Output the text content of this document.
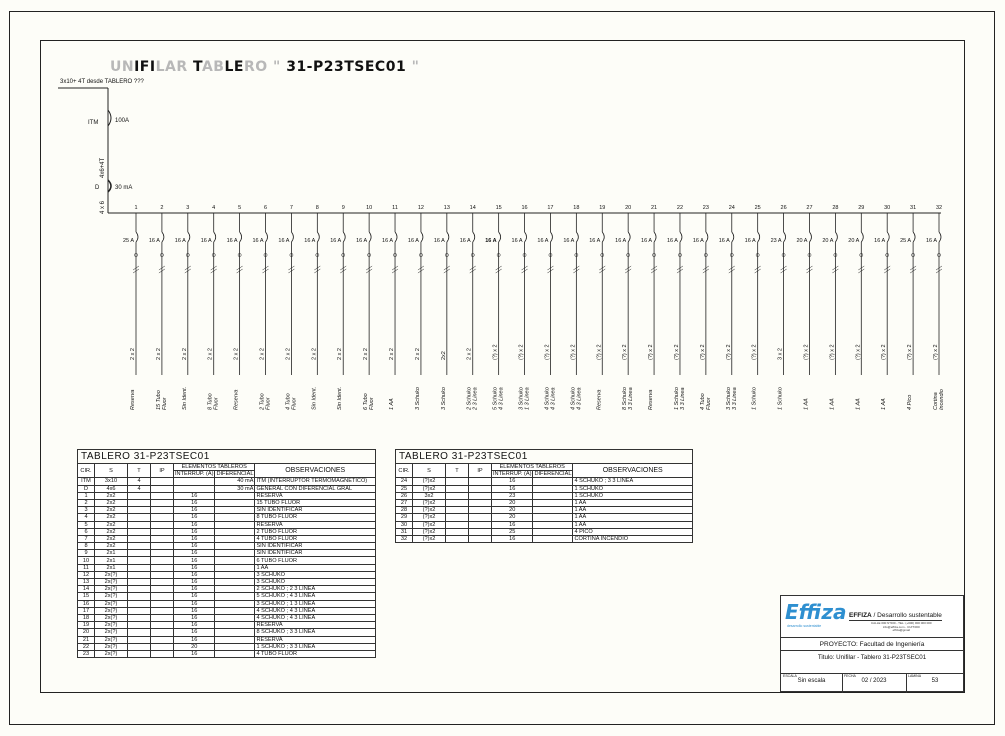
UNIFILAR TABLERO " 31-P23TSEC01 "
3x10+ 4T desde TABLERO ???
ITM	100A
4x6+4T
D	30 mA
4 x 6	1
25 A
2 x 2
Reserva
2
16 A
2 x 2
15 Tubo Fluor
3
16 A
2 x 2
Sin Ident.
4
16 A
2 x 2
8 Tubo Fluor
5
16 A
2 x 2
Reserva
6
16 A
2 x 2
2 Tubo Fluor
7
16 A
2 x 2
4 Tubo Fluor
8
16 A
2 x 2
Sin Ident.
9
16 A
2 x 2
Sin Ident.
10
16 A
2 x 2
6 Tubo Fluor
11
16 A
2 x 2
1 AA
12
16 A
2 x 2
3 Schuko
13
16 A
2x2
3 Schuko
14
16 A
2 x 2
2 Schuko 2 3 Linea
15
16 A
(?) x 2
5 Schuko 4 3 Linea
16
16 A
(?) x 2
3 Schuko 1 3 Linea
17
16 A
(?) x 2
4 Schuko 4 3 Linea
18
16 A
(?) x 2
4 Schuko 4 3 Linea
19
16 A
(?) x 2
Reserva
20
16 A
(?) x 2
8 Schuko 3 3 Linea
21
16 A
(?) x 2
Reserva
22
16 A
(?) x 2
1 Schuko 3 3 Linea
23
16 A
(?) x 2
4 Tubo Fluor
24
16 A
(?) x 2
3 Schuko 3 3 Linea
25
16 A
(?) x 2
1 Schuko
26
23 A
3 x 2
1 Schuko
27
20 A
(?) x 2
1 AA
28
20 A
(?) x 2
1 AA
29
20 A
(?) x 2
1 AA
30
16 A
(?) x 2
1 AA
31
25 A
(?) x 2
4 Pico
32
16 A
(?) x 2
Cortina Incendio
TABLERO 31-P23TSEC01
CIR.	S	T	IP	ELEMENTOS TABLEROS		OBSERVACIONES
				INTERRUP. (A)	DIFERENCIAL	
ITM	3x10	4			40 mA	ITM (INTERRUPTOR TERMOMAGNÉTICO)
D	4x6	4			30 mA	GENERAL CON DIFERENCIAL GRAL
1	2x2			16		RESERVA
2	2x2			16		15 TUBO FLUOR
3	2x2			16		SIN IDENTIFICAR
4	2x2			16		8 TUBO FLUOR
5	2x2			16		RESERVA
6	2x2			16		2 TUBO FLUOR
7	2x2			16		4 TUBO FLUOR
8	2x2			16		SIN IDENTIFICAR
9	2x1			16		SIN IDENTIFICAR
10	2x1			16		6 TUBO FLUOR
11	2x1			16		1 AA
12	2x(?)			16		3 SCHUKO
13	2x(?)			16		3 SCHUKO
14	2x(?)			16		2 SCHUKO ; 2 3 LINEA
15	2x(?)			16		5 SCHUKO ; 4 3 LINEA
16	2x(?)			16		3 SCHUKO ; 1 3 LINEA
17	2x(?)			16		4 SCHUKO ; 4 3 LINEA
18	2x(?)			16		4 SCHUKO ; 4 3 LINEA
19	2x(?)			16		RESERVA
20	2x(?)			16		8 SCHUKO ; 3 3 LINEA
21	2x(?)			16		RESERVA
22	2x(?)			20		1 SCHUKO ; 3 3 LINEA
23	2x(?)			16		4 TUBO FLUOR
TABLERO 31-P23TSEC01
CIR.	S	T	IP	ELEMENTOS TABLEROS		OBSERVACIONES
				INTERRUP. (A)	DIFERENCIAL	
24	(?)x2			16		4 SCHUKO ; 3 3 LINEA
25	(?)x2			16		1 SCHUKO
26	3x2			23		1 SCHUKO
27	(?)x2			20		1 AA
28	(?)x2			20		1 AA
29	(?)x2			20		1 AA
30	(?)x2			16		1 AA
31	(?)x2			25		4 PICO
32	(?)x2			16		CORTINA INCENDIO
Effiza
desarrollo sustentable
EFFIZA / Desarrollo sustentable
CALLE 000 N°000 - TEL: (+000) 000 000 000
info@effiza.com - CUIT:000
effiza@gmail
PROYECTO: Facultad de Ingeniería
Titulo: Unifilar - Tablero 31-P23TSEC01
ESCALA
Sin escala
FECHA
02 / 2023
LAMINA
53
